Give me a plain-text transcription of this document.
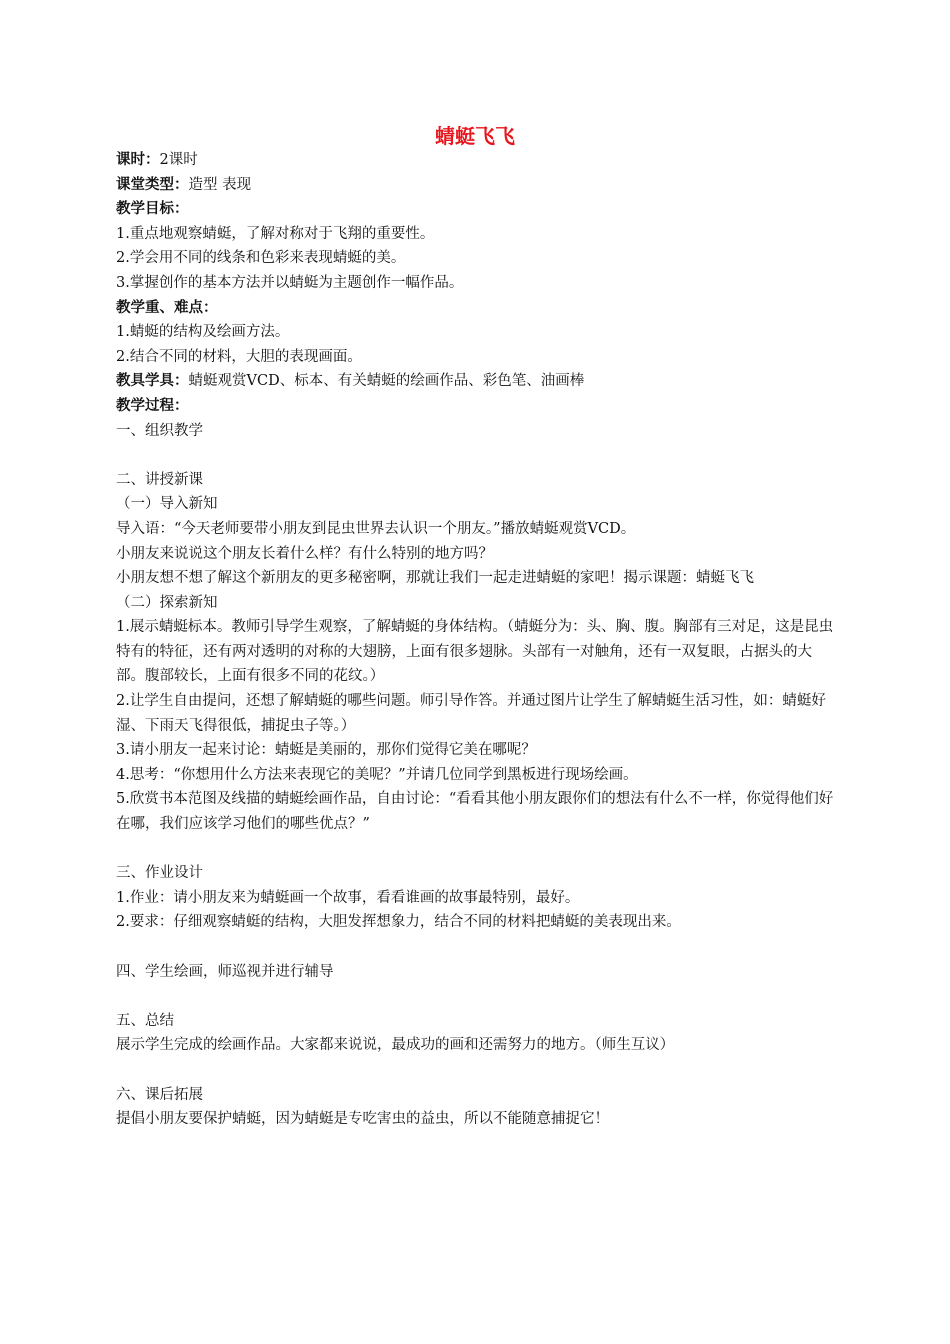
蜻蜓飞飞
课时：2课时
课堂类型：造型 表现
教学目标：
1.重点地观察蜻蜓，了解对称对于飞翔的重要性。
2.学会用不同的线条和色彩来表现蜻蜓的美。
3.掌握创作的基本方法并以蜻蜓为主题创作一幅作品。
教学重、难点：
1.蜻蜓的结构及绘画方法。
2.结合不同的材料，大胆的表现画面。
教具学具：蜻蜓观赏VCD、标本、有关蜻蜓的绘画作品、彩色笔、油画棒
教学过程：
一、组织教学
二、讲授新课
（一）导入新知
导入语：“今天老师要带小朋友到昆虫世界去认识一个朋友。”播放蜻蜓观赏VCD。
小朋友来说说这个朋友长着什么样？有什么特别的地方吗？
小朋友想不想了解这个新朋友的更多秘密啊，那就让我们一起走进蜻蜓的家吧！揭示课题：蜻蜓飞飞
（二）探索新知
1.展示蜻蜓标本。教师引导学生观察，了解蜻蜓的身体结构。（蜻蜓分为：头、胸、腹。胸部有三对足，这是昆虫特有的特征，还有两对透明的对称的大翅膀，上面有很多翅脉。头部有一对触角，还有一双复眼，占据头的大部。腹部较长，上面有很多不同的花纹。）
2.让学生自由提问，还想了解蜻蜓的哪些问题。师引导作答。并通过图片让学生了解蜻蜓生活习性，如：蜻蜓好湿、下雨天飞得很低，捕捉虫子等。）
3.请小朋友一起来讨论：蜻蜓是美丽的，那你们觉得它美在哪呢？
4.思考：“你想用什么方法来表现它的美呢？”并请几位同学到黑板进行现场绘画。
5.欣赏书本范图及线描的蜻蜓绘画作品，自由讨论：“看看其他小朋友跟你们的想法有什么不一样，你觉得他们好在哪，我们应该学习他们的哪些优点？”
三、作业设计
1.作业：请小朋友来为蜻蜓画一个故事，看看谁画的故事最特别，最好。
2.要求：仔细观察蜻蜓的结构，大胆发挥想象力，结合不同的材料把蜻蜓的美表现出来。
四、学生绘画，师巡视并进行辅导
五、总结
展示学生完成的绘画作品。大家都来说说，最成功的画和还需努力的地方。（师生互议）
六、课后拓展
提倡小朋友要保护蜻蜓，因为蜻蜓是专吃害虫的益虫，所以不能随意捕捉它！
